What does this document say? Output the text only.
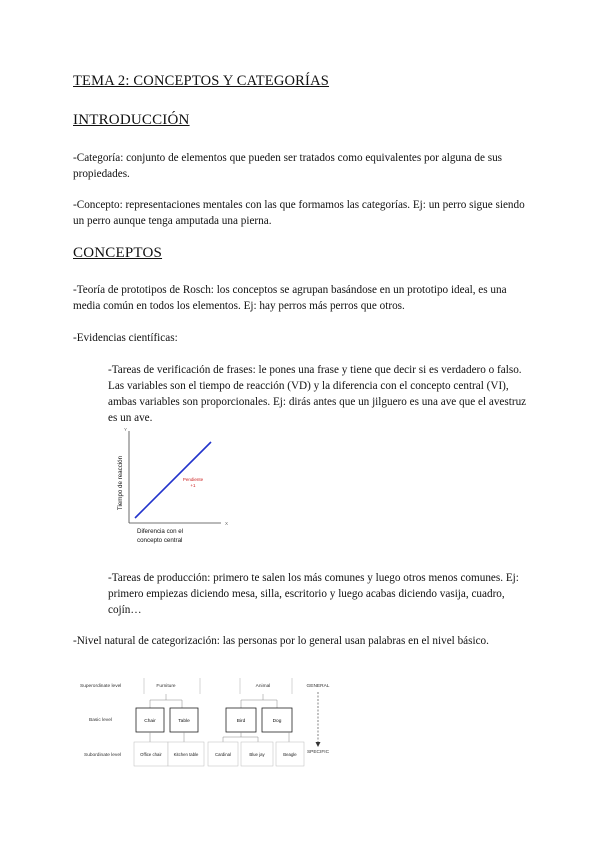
TEMA 2: CONCEPTOS Y CATEGORÍAS
INTRODUCCIÓN

-Categoría: conjunto de elementos que pueden ser tratados como equivalentes por alguna de sus propiedades.

-Concepto: representaciones mentales con las que formamos las categorías. Ej: un perro sigue siendo un perro aunque tenga amputada una pierna.

CONCEPTOS

-Teoría de prototipos de Rosch: los conceptos se agrupan basándose en un prototipo ideal, es una media común en todos los elementos. Ej: hay perros más perros que otros.

-Evidencias científicas:

-Tareas de verificación de frases: le pones una frase y tiene que decir si es verdadero o falso. Las variables son el tiempo de reacción (VD) y la diferencia con el concepto central (VI), ambas variables son proporcionales. Ej: dirás antes que un jilguero es una ave que el avestruz es un ave.

Y
X
Tiempo de reacción	Pendiente
+1
Diferencia con el
concepto central

-Tareas de producción: primero te salen los más comunes y luego otros menos comunes. Ej: primero empiezas diciendo mesa, silla, escritorio y luego acabas diciendo vasija, cuadro, cojín…

-Nivel natural de categorización: las personas por lo general usan palabras en el nivel básico.

Superordinate level
Basic level
Subordinate level
Furniture	Animal
Chair	Table	Bird	Dog
Office chair	Kitchen table	Cardinal	Blue jay	Beagle
GENERAL
SPECIFIC
